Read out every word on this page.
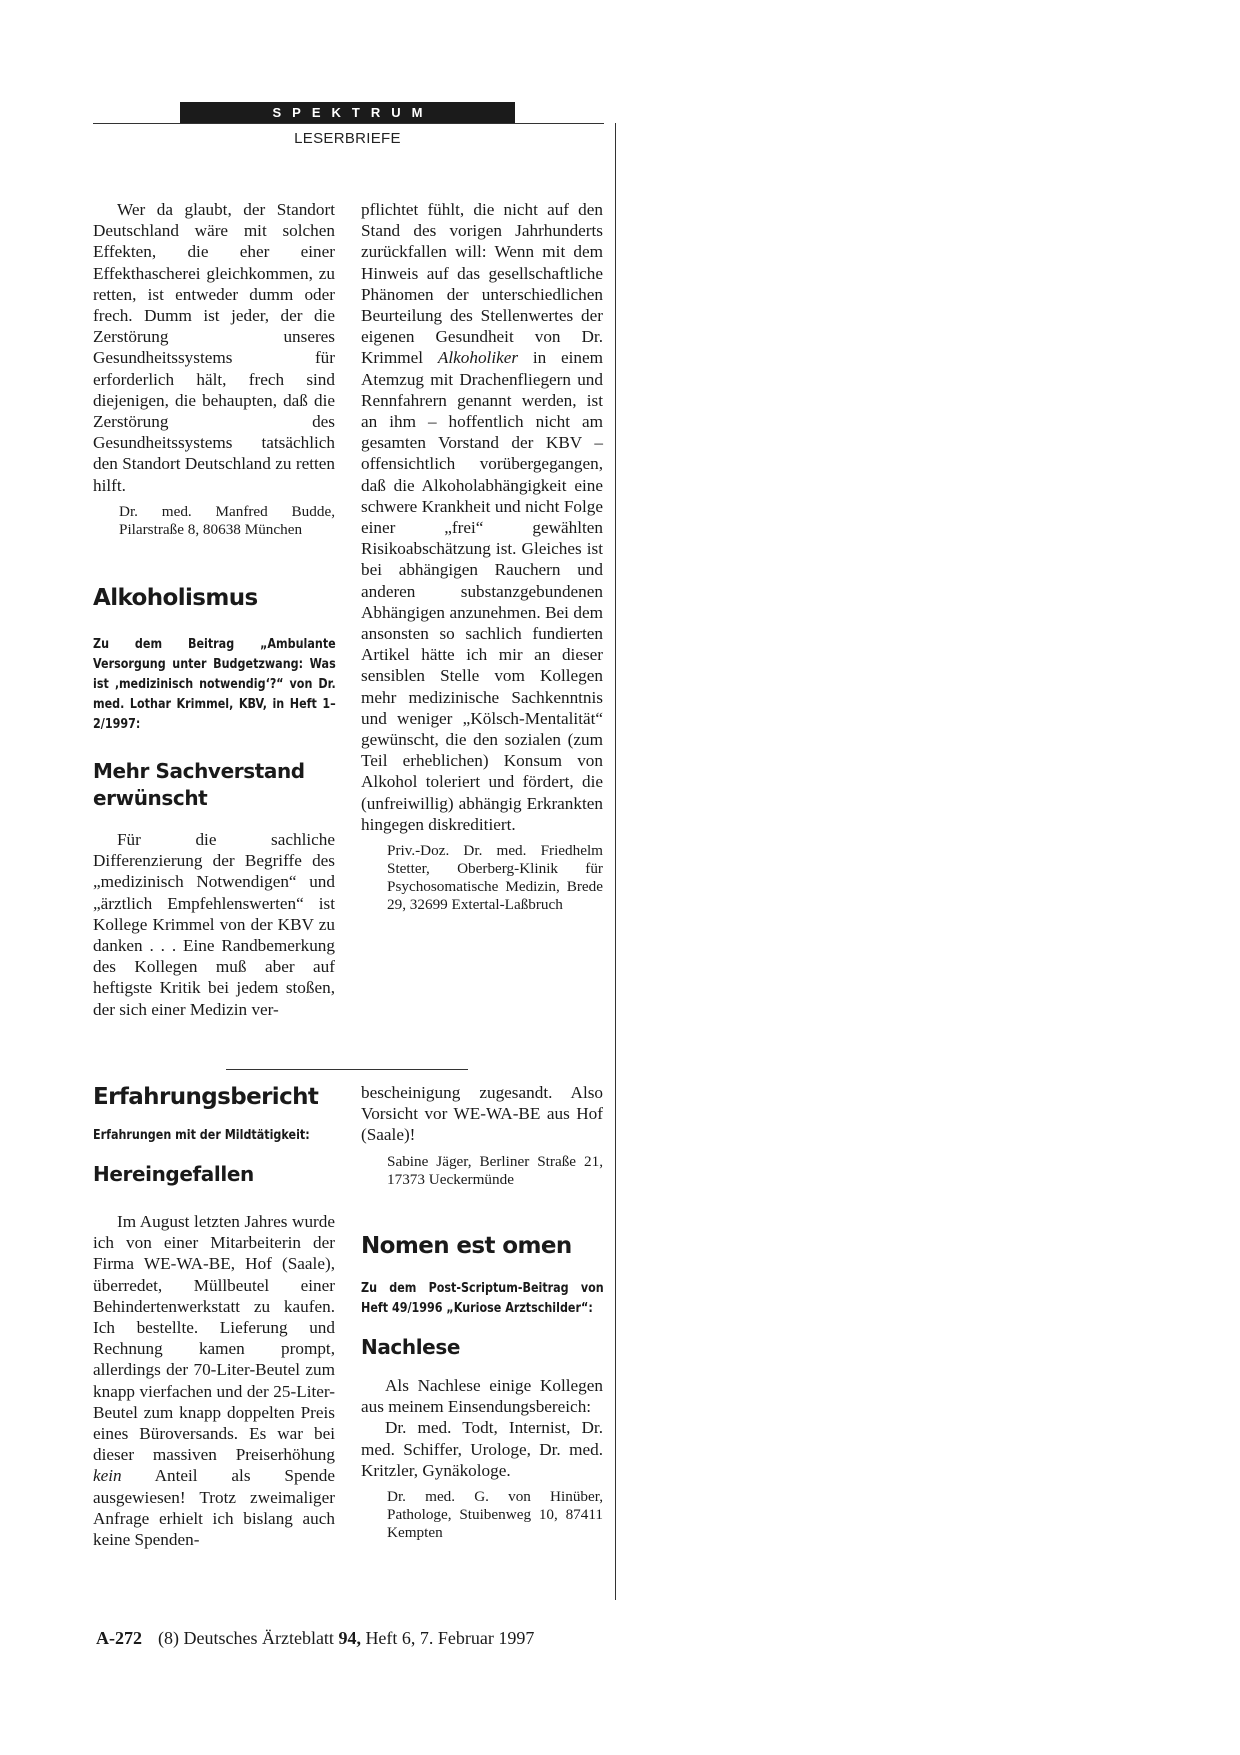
SPEKTRUM
LESERBRIEFE

Wer da glaubt, der Standort Deutschland wäre mit solchen Effekten, die eher einer Effekthascherei gleichkommen, zu retten, ist entweder dumm oder frech. Dumm ist jeder, der die Zerstörung unseres Gesundheitssystems für erforderlich hält, frech sind diejenigen, die behaupten, daß die Zerstörung des Gesundheitssystems tatsächlich den Standort Deutschland zu retten hilft.

Dr. med. Manfred Budde, Pilarstraße 8, 80638 München

Alkoholismus

Zu dem Beitrag „Ambulante Versorgung unter Budgetzwang: Was ist ‚medizinisch notwendig‘?“ von Dr. med. Lothar Krimmel, KBV, in Heft 1–2/1997:

Mehr Sachverstand erwünscht

Für die sachliche Differenzierung der Begriffe des „medizinisch Notwendigen“ und „ärztlich Empfehlenswerten“ ist Kollege Krimmel von der KBV zu danken . . . Eine Randbemerkung des Kollegen muß aber auf heftigste Kritik bei jedem stoßen, der sich einer Medizin ver-

pflichtet fühlt, die nicht auf den Stand des vorigen Jahrhunderts zurückfallen will: Wenn mit dem Hinweis auf das gesellschaftliche Phänomen der unterschiedlichen Beurteilung des Stellenwertes der eigenen Gesundheit von Dr. Krimmel Alkoholiker in einem Atemzug mit Drachenfliegern und Rennfahrern genannt werden, ist an ihm – hoffentlich nicht am gesamten Vorstand der KBV – offensichtlich vorübergegangen, daß die Alkoholabhängigkeit eine schwere Krankheit und nicht Folge einer „frei“ gewählten Risikoabschätzung ist. Gleiches ist bei abhängigen Rauchern und anderen substanzgebundenen Abhängigen anzunehmen. Bei dem ansonsten so sachlich fundierten Artikel hätte ich mir an dieser sensiblen Stelle vom Kollegen mehr medizinische Sachkenntnis und weniger „Kölsch-Mentalität“ gewünscht, die den sozialen (zum Teil erheblichen) Konsum von Alkohol toleriert und fördert, die (unfreiwillig) abhängig Erkrankten hingegen diskreditiert.

Priv.-Doz. Dr. med. Friedhelm Stetter, Oberberg-Klinik für Psychosomatische Medizin, Brede 29, 32699 Extertal-Laßbruch

Erfahrungsbericht

Erfahrungen mit der Mildtätigkeit:

Hereingefallen

Im August letzten Jahres wurde ich von einer Mitarbeiterin der Firma WE-WA-BE, Hof (Saale), überredet, Müllbeutel einer Behindertenwerkstatt zu kaufen. Ich bestellte. Lieferung und Rechnung kamen prompt, allerdings der 70-Liter-Beutel zum knapp vierfachen und der 25-Liter-Beutel zum knapp doppelten Preis eines Büroversands. Es war bei dieser massiven Preiserhöhung kein Anteil als Spende ausgewiesen! Trotz zweimaliger Anfrage erhielt ich bislang auch keine Spenden-

bescheinigung zugesandt. Also Vorsicht vor WE-WA-BE aus Hof (Saale)!

Sabine Jäger, Berliner Straße 21, 17373 Ueckermünde

Nomen est omen

Zu dem Post-Scriptum-Beitrag von Heft 49/1996 „Kuriose Arztschilder“:

Nachlese

Als Nachlese einige Kollegen aus meinem Einsendungsbereich:

Dr. med. Todt, Internist, Dr. med. Schiffer, Urologe, Dr. med. Kritzler, Gynäkologe.

Dr. med. G. von Hinüber, Pathologe, Stuibenweg 10, 87411 Kempten

A-272 (8) Deutsches Ärzteblatt 94, Heft 6, 7. Februar 1997
